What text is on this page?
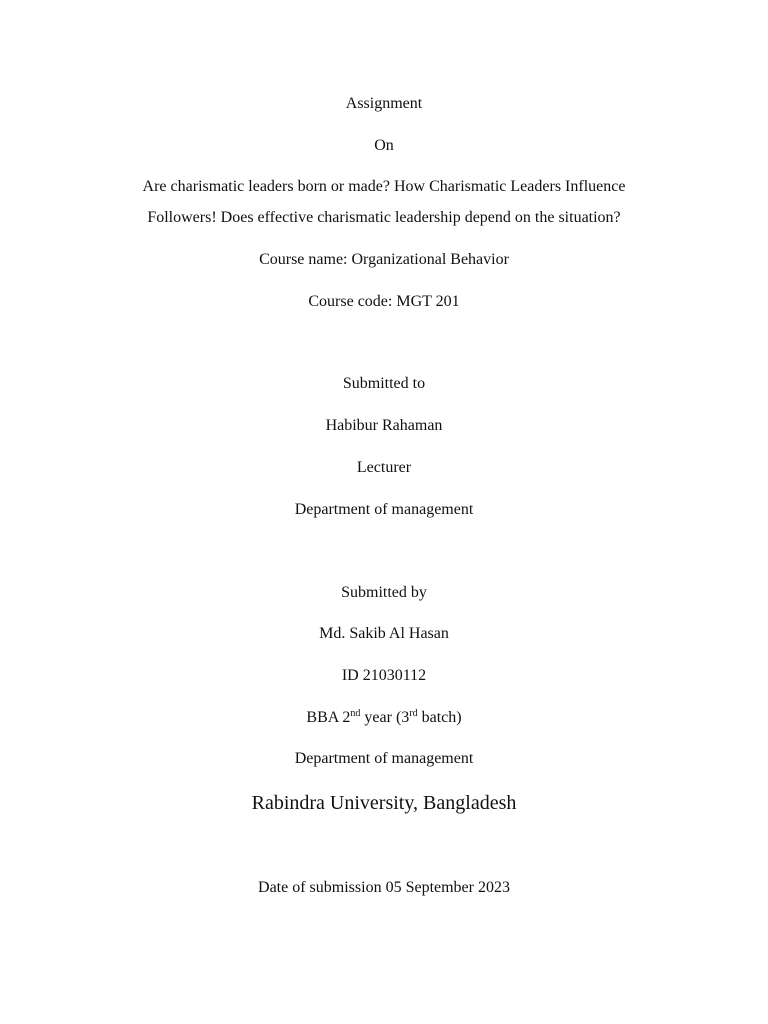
Assignment
On
Are charismatic leaders born or made? How Charismatic Leaders Influence
Followers! Does effective charismatic leadership depend on the situation?
Course name: Organizational Behavior
Course code: MGT 201
Submitted to
Habibur Rahaman
Lecturer
Department of management
Submitted by
Md. Sakib Al Hasan
ID 21030112
BBA 2nd year (3rd batch)
Department of management
Rabindra University, Bangladesh
Date of submission 05 September 2023
